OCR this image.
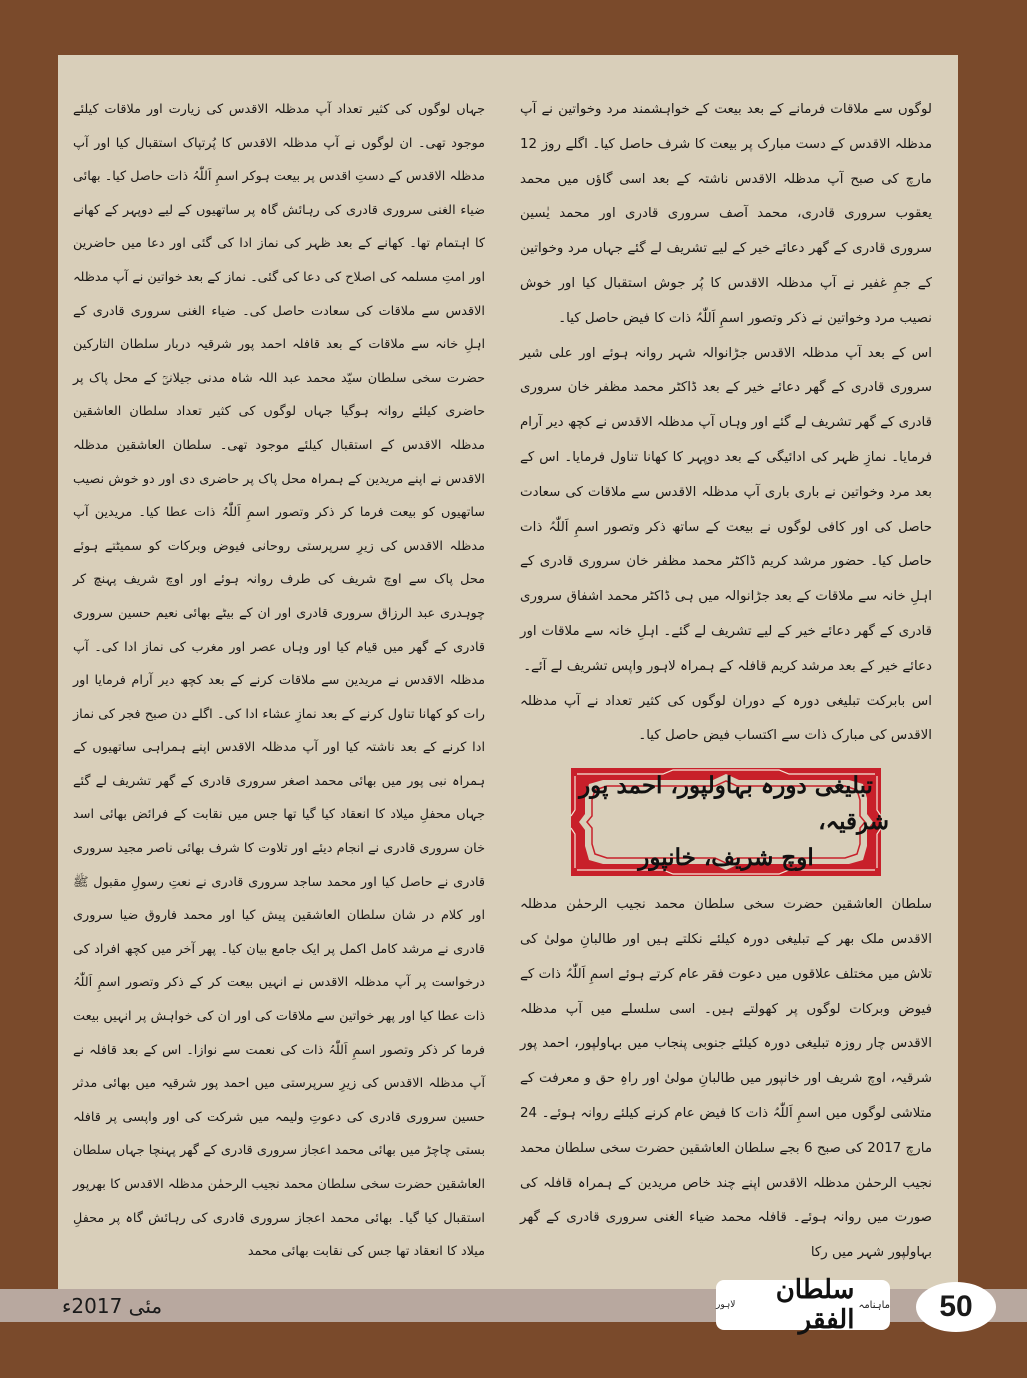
لوگوں سے ملاقات فرمانے کے بعد بیعت کے خواہشمند مرد وخواتین نے آپ مدظلہ الاقدس کے دست مبارک پر بیعت کا شرف حاصل کیا۔ اگلے روز 12 مارچ کی صبح آپ مدظلہ الاقدس ناشتہ کے بعد اسی گاؤں میں محمد یعقوب سروری قادری، محمد آصف سروری قادری اور محمد یٰسین سروری قادری کے گھر دعائے خیر کے لیے تشریف لے گئے جہاں مرد وخواتین کے جمِ غفیر نے آپ مدظلہ الاقدس کا پُر جوش استقبال کیا اور خوش نصیب مرد وخواتین نے ذکر وتصور اسمِ اَللّٰہُ ذات کا فیض حاصل کیا۔

اس کے بعد آپ مدظلہ الاقدس جڑانوالہ شہر روانہ ہوئے اور علی شیر سروری قادری کے گھر دعائے خیر کے بعد ڈاکٹر محمد مظفر خان سروری قادری کے گھر تشریف لے گئے اور وہاں آپ مدظلہ الاقدس نے کچھ دیر آرام فرمایا۔ نمازِ ظہر کی ادائیگی کے بعد دوپہر کا کھانا تناول فرمایا۔ اس کے بعد مرد وخواتین نے باری باری آپ مدظلہ الاقدس سے ملاقات کی سعادت حاصل کی اور کافی لوگوں نے بیعت کے ساتھ ذکر وتصور اسمِ اَللّٰہُ ذات حاصل کیا۔ حضور مرشد کریم ڈاکٹر محمد مظفر خان سروری قادری کے اہلِ خانہ سے ملاقات کے بعد جڑانوالہ میں ہی ڈاکٹر محمد اشفاق سروری قادری کے گھر دعائے خیر کے لیے تشریف لے گئے۔ اہلِ خانہ سے ملاقات اور دعائے خیر کے بعد مرشد کریم قافلہ کے ہمراہ لاہور واپس تشریف لے آئے۔

اس بابرکت تبلیغی دورہ کے دوران لوگوں کی کثیر تعداد نے آپ مدظلہ الاقدس کی مبارک ذات سے اکتساب فیض حاصل کیا۔

تبلیغی دورہ بہاولپور، احمد پور شرقیہ،
اوچ شریف، خانپور

سلطان العاشقین حضرت سخی سلطان محمد نجیب الرحمٰن مدظلہ الاقدس ملک بھر کے تبلیغی دورہ کیلئے نکلتے ہیں اور طالبانِ مولیٰ کی تلاش میں مختلف علاقوں میں دعوت فقر عام کرتے ہوئے اسمِ اَللّٰہُ ذات کے فیوض وبرکات لوگوں پر کھولتے ہیں۔ اسی سلسلے میں آپ مدظلہ الاقدس چار روزہ تبلیغی دورہ کیلئے جنوبی پنجاب میں بہاولپور، احمد پور شرقیہ، اوچ شریف اور خانپور میں طالبانِ مولیٰ اور راہِ حق و معرفت کے متلاشی لوگوں میں اسمِ اَللّٰہُ ذات کا فیض عام کرنے کیلئے روانہ ہوئے۔ 24 مارچ 2017 کی صبح 6 بجے سلطان العاشقین حضرت سخی سلطان محمد نجیب الرحمٰن مدظلہ الاقدس اپنے چند خاص مریدین کے ہمراہ قافلہ کی صورت میں روانہ ہوئے۔ قافلہ محمد ضیاء الغنی سروری قادری کے گھر بہاولپور شہر میں رکا

جہاں لوگوں کی کثیر تعداد آپ مدظلہ الاقدس کی زیارت اور ملاقات کیلئے موجود تھی۔ ان لوگوں نے آپ مدظلہ الاقدس کا پُرتپاک استقبال کیا اور آپ مدظلہ الاقدس کے دستِ اقدس پر بیعت ہوکر اسمِ اَللّٰہُ ذات حاصل کیا۔ بھائی ضیاء الغنی سروری قادری کی رہائش گاہ پر ساتھیوں کے لیے دوپہر کے کھانے کا اہتمام تھا۔ کھانے کے بعد ظہر کی نماز ادا کی گئی اور دعا میں حاضرین اور امتِ مسلمہ کی اصلاح کی دعا کی گئی۔ نماز کے بعد خواتین نے آپ مدظلہ الاقدس سے ملاقات کی سعادت حاصل کی۔ ضیاء الغنی سروری قادری کے اہلِ خانہ سے ملاقات کے بعد قافلہ احمد پور شرقیہ دربار سلطان التارکین حضرت سخی سلطان سیّد محمد عبد اللہ شاہ مدنی جیلانیؒ کے محل پاک پر حاضری کیلئے روانہ ہوگیا جہاں لوگوں کی کثیر تعداد سلطان العاشقین مدظلہ الاقدس کے استقبال کیلئے موجود تھی۔ سلطان العاشقین مدظلہ الاقدس نے اپنے مریدین کے ہمراہ محل پاک پر حاضری دی اور دو خوش نصیب ساتھیوں کو بیعت فرما کر ذکر وتصور اسمِ اَللّٰہُ ذات عطا کیا۔ مریدین آپ مدظلہ الاقدس کی زیرِ سرپرستی روحانی فیوض وبرکات کو سمیٹتے ہوئے محل پاک سے اوچ شریف کی طرف روانہ ہوئے اور اوچ شریف پہنچ کر چوہدری عبد الرزاق سروری قادری اور ان کے بیٹے بھائی نعیم حسین سروری قادری کے گھر میں قیام کیا اور وہاں عصر اور مغرب کی نماز ادا کی۔ آپ مدظلہ الاقدس نے مریدین سے ملاقات کرنے کے بعد کچھ دیر آرام فرمایا اور رات کو کھانا تناول کرنے کے بعد نمازِ عشاء ادا کی۔ اگلے دن صبح فجر کی نماز ادا کرنے کے بعد ناشتہ کیا اور آپ مدظلہ الاقدس اپنے ہمراہی ساتھیوں کے ہمراہ نبی پور میں بھائی محمد اصغر سروری قادری کے گھر تشریف لے گئے جہاں محفلِ میلاد کا انعقاد کیا گیا تھا جس میں نقابت کے فرائض بھائی اسد خان سروری قادری نے انجام دیئے اور تلاوت کا شرف بھائی ناصر مجید سروری قادری نے حاصل کیا اور محمد ساجد سروری قادری نے نعتِ رسولِ مقبول ﷺ اور کلام در شان سلطان العاشقین پیش کیا اور محمد فاروق ضیا سروری قادری نے مرشد کامل اکمل پر ایک جامع بیان کیا۔ پھر آخر میں کچھ افراد کی درخواست پر آپ مدظلہ الاقدس نے انہیں بیعت کر کے ذکر وتصور اسمِ اَللّٰہُ ذات عطا کیا اور پھر خواتین سے ملاقات کی اور ان کی خواہش پر انہیں بیعت فرما کر ذکر وتصور اسمِ اَللّٰہُ ذات کی نعمت سے نوازا۔ اس کے بعد قافلہ نے آپ مدظلہ الاقدس کی زیرِ سرپرستی میں احمد پور شرقیہ میں بھائی مدثر حسین سروری قادری کی دعوتِ ولیمہ میں شرکت کی اور واپسی پر قافلہ بستی چاچڑ میں بھائی محمد اعجاز سروری قادری کے گھر پہنچا جہاں سلطان العاشقین حضرت سخی سلطان محمد نجیب الرحمٰن مدظلہ الاقدس کا بھرپور استقبال کیا گیا۔ بھائی محمد اعجاز سروری قادری کی رہائش گاہ پر محفلِ میلاد کا انعقاد تھا جس کی نقابت بھائی محمد

مئی 2017ء	ماہنامہ
سلطان الفقر
لاہور	50
